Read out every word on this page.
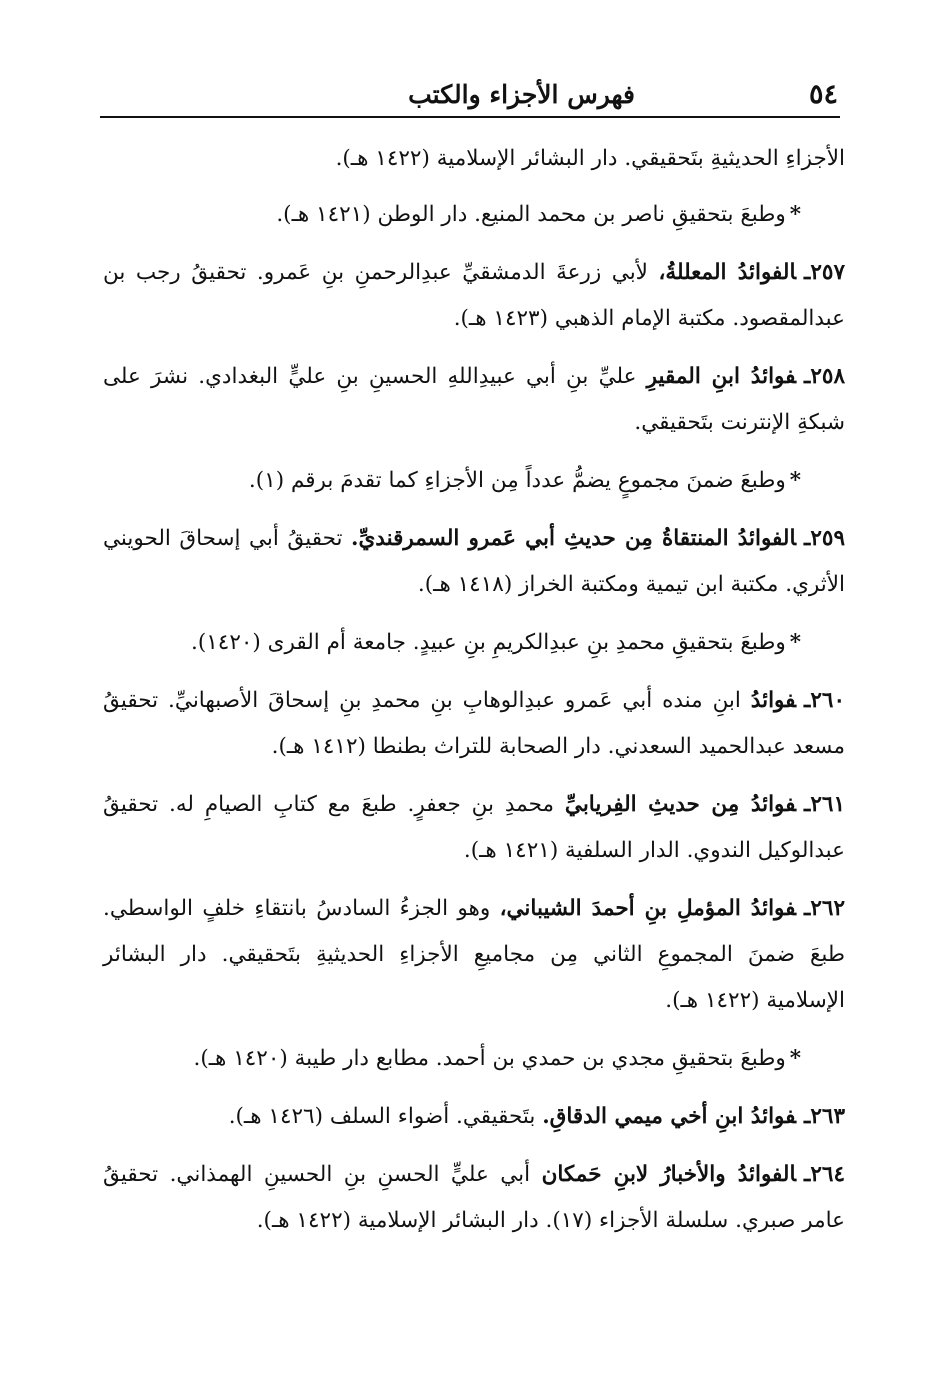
٥٤
فهرس الأجزاء والكتب

الأجزاءِ الحديثيةِ بتَحقيقي. دار البشائر الإسلامية (١٤٢٢ هـ).

*وطبعَ بتحقيقِ ناصر بن محمد المنيع. دار الوطن (١٤٢١ هـ).

٢٥٧ـالفوائدُ المعللةُ، لأبي زرعةَ الدمشقيِّ عبدِالرحمنِ بنِ عَمرو. تحقيقُ رجب بن عبدالمقصود. مكتبة الإمام الذهبي (١٤٢٣ هـ).

٢٥٨ـفوائدُ ابنِ المقيرِ عليِّ بنِ أبي عبيدِاللهِ الحسينِ بنِ عليٍّ البغدادي. نشرَ على شبكةِ الإنترنت بتَحقيقي.

*وطبعَ ضمنَ مجموعٍ يضمُّ عدداً مِن الأجزاءِ كما تقدمَ برقم (١).

٢٥٩ـالفوائدُ المنتقاةُ مِن حديثِ أبي عَمرو السمرقنديِّ. تحقيقُ أبي إسحاقَ الحويني الأثري. مكتبة ابن تيمية ومكتبة الخراز (١٤١٨ هـ).

*وطبعَ بتحقيقِ محمدِ بنِ عبدِالكريمِ بنِ عبيدٍ. جامعة أم القرى (١٤٢٠).

٢٦٠ـفوائدُ ابنِ منده أبي عَمرو عبدِالوهابِ بنِ محمدِ بنِ إسحاقَ الأصبهانيِّ. تحقيقُ مسعد عبدالحميد السعدني. دار الصحابة للتراث بطنطا (١٤١٢ هـ).

٢٦١ـفوائدُ مِن حديثِ الفِريابيِّ محمدِ بنِ جعفرٍ. طبعَ مع كتابِ الصيامِ له. تحقيقُ عبدالوكيل الندوي. الدار السلفية (١٤٢١ هـ).

٢٦٢ـفوائدُ المؤملِ بنِ أحمدَ الشيباني، وهو الجزءُ السادسُ بانتقاءِ خلفٍ الواسطي. طبعَ ضمنَ المجموعِ الثاني مِن مجاميعِ الأجزاءِ الحديثيةِ بتَحقيقي. دار البشائر الإسلامية (١٤٢٢ هـ).

*وطبعَ بتحقيقِ مجدي بن حمدي بن أحمد. مطابع دار طيبة (١٤٢٠ هـ).

٢٦٣ـفوائدُ ابنِ أخي ميمي الدقاقِ. بتَحقيقي. أضواء السلف (١٤٢٦ هـ).

٢٦٤ـالفوائدُ والأخبارُ لابنِ حَمكان أبي عليٍّ الحسنِ بنِ الحسينِ الهمذاني. تحقيقُ عامر صبري. سلسلة الأجزاء (١٧). دار البشائر الإسلامية (١٤٢٢ هـ).
